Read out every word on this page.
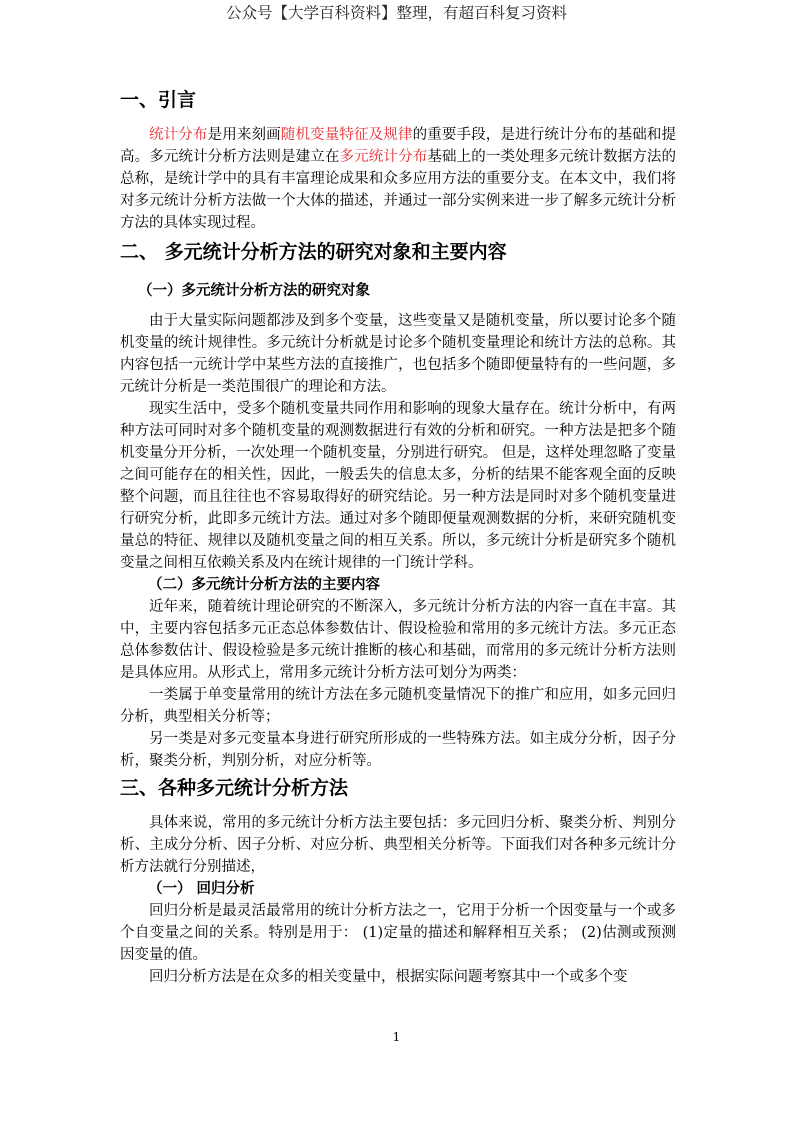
公众号【大学百科资料】整理，有超百科复习资料
一、引言

统计分布是用来刻画随机变量特征及规律的重要手段，是进行统计分布的基础和提高。多元统计分析方法则是建立在多元统计分布基础上的一类处理多元统计数据方法的总称，是统计学中的具有丰富理论成果和众多应用方法的重要分支。在本文中，我们将对多元统计分析方法做一个大体的描述，并通过一部分实例来进一步了解多元统计分析方法的具体实现过程。

二、 多元统计分析方法的研究对象和主要内容
（一）多元统计分析方法的研究对象

由于大量实际问题都涉及到多个变量，这些变量又是随机变量，所以要讨论多个随机变量的统计规律性。多元统计分析就是讨论多个随机变量理论和统计方法的总称。其内容包括一元统计学中某些方法的直接推广，也包括多个随即便量特有的一些问题，多元统计分析是一类范围很广的理论和方法。

现实生活中，受多个随机变量共同作用和影响的现象大量存在。统计分析中，有两种方法可同时对多个随机变量的观测数据进行有效的分析和研究。一种方法是把多个随机变量分开分析，一次处理一个随机变量，分别进行研究。 但是，这样处理忽略了变量之间可能存在的相关性，因此，一般丢失的信息太多，分析的结果不能客观全面的反映整个问题，而且往往也不容易取得好的研究结论。另一种方法是同时对多个随机变量进行研究分析，此即多元统计方法。通过对多个随即便量观测数据的分析，来研究随机变量总的特征、规律以及随机变量之间的相互关系。所以，多元统计分析是研究多个随机变量之间相互依赖关系及内在统计规律的一门统计学科。

（二）多元统计分析方法的主要内容

近年来，随着统计理论研究的不断深入，多元统计分析方法的内容一直在丰富。其中，主要内容包括多元正态总体参数估计、假设检验和常用的多元统计方法。多元正态总体参数估计、假设检验是多元统计推断的核心和基础，而常用的多元统计分析方法则是具体应用。从形式上，常用多元统计分析方法可划分为两类：

一类属于单变量常用的统计方法在多元随机变量情况下的推广和应用，如多元回归分析，典型相关分析等；

另一类是对多元变量本身进行研究所形成的一些特殊方法。如主成分分析，因子分析，聚类分析，判别分析，对应分析等。

三、各种多元统计分析方法

具体来说，常用的多元统计分析方法主要包括：多元回归分析、聚类分析、判别分析、主成分分析、因子分析、对应分析、典型相关分析等。下面我们对各种多元统计分析方法就行分别描述，

（一） 回归分析

回归分析是最灵活最常用的统计分析方法之一，它用于分析一个因变量与一个或多个自变量之间的关系。特别是用于： (1)定量的描述和解释相互关系； (2)估测或预测因变量的值。

回归分析方法是在众多的相关变量中，根据实际问题考察其中一个或多个变

1
